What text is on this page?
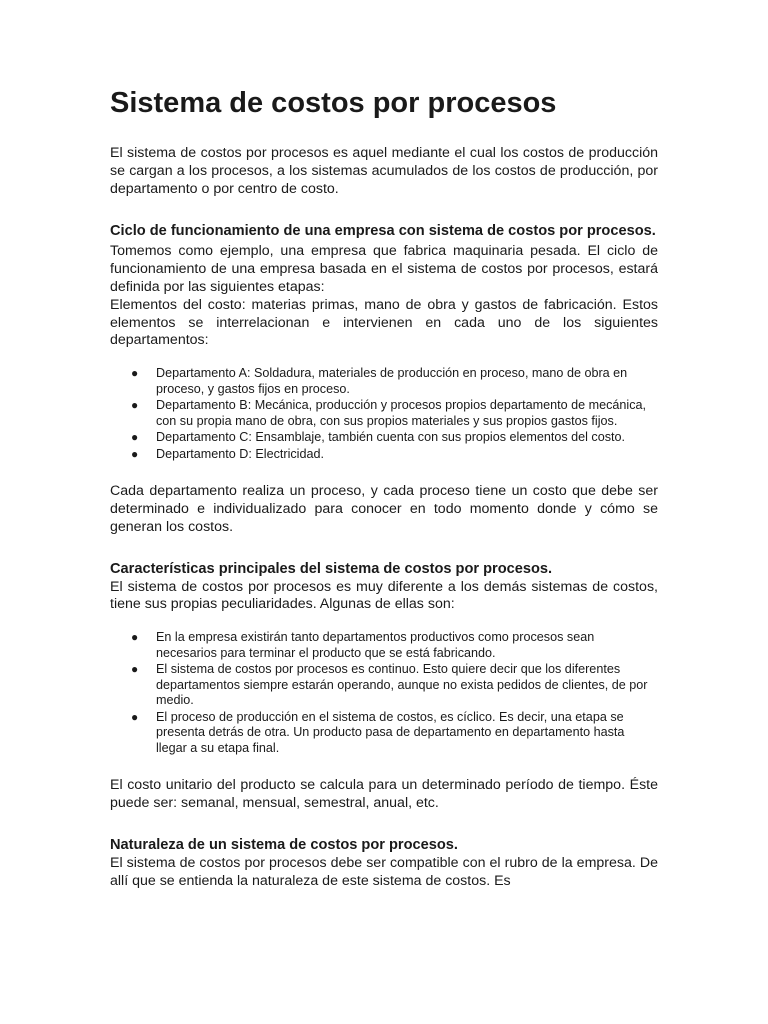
Sistema de costos por procesos

El sistema de costos por procesos es aquel mediante el cual los costos de producción se cargan a los procesos, a los sistemas acumulados de los costos de producción, por departamento o por centro de costo.

Ciclo de funcionamiento de una empresa con sistema de costos por procesos.

Tomemos como ejemplo, una empresa que fabrica maquinaria pesada. El ciclo de funcionamiento de una empresa basada en el sistema de costos por procesos, estará definida por las siguientes etapas:

Elementos del costo: materias primas, mano de obra y gastos de fabricación. Estos elementos se interrelacionan e intervienen en cada uno de los siguientes departamentos:

● Departamento A: Soldadura, materiales de producción en proceso, mano de obra en proceso, y gastos fijos en proceso.
● Departamento B: Mecánica, producción y procesos propios departamento de mecánica, con su propia mano de obra, con sus propios materiales y sus propios gastos fijos.
● Departamento C: Ensamblaje, también cuenta con sus propios elementos del costo.
● Departamento D: Electricidad.

Cada departamento realiza un proceso, y cada proceso tiene un costo que debe ser determinado e individualizado para conocer en todo momento donde y cómo se generan los costos.

Características principales del sistema de costos por procesos.

El sistema de costos por procesos es muy diferente a los demás sistemas de costos, tiene sus propias peculiaridades. Algunas de ellas son:

● En la empresa existirán tanto departamentos productivos como procesos sean necesarios para terminar el producto que se está fabricando.
● El sistema de costos por procesos es continuo. Esto quiere decir que los diferentes departamentos siempre estarán operando, aunque no exista pedidos de clientes, de por medio.
● El proceso de producción en el sistema de costos, es cíclico. Es decir, una etapa se presenta detrás de otra. Un producto pasa de departamento en departamento hasta llegar a su etapa final.

El costo unitario del producto se calcula para un determinado período de tiempo. Éste puede ser: semanal, mensual, semestral, anual, etc.

Naturaleza de un sistema de costos por procesos.

El sistema de costos por procesos debe ser compatible con el rubro de la empresa. De allí que se entienda la naturaleza de este sistema de costos. Es
